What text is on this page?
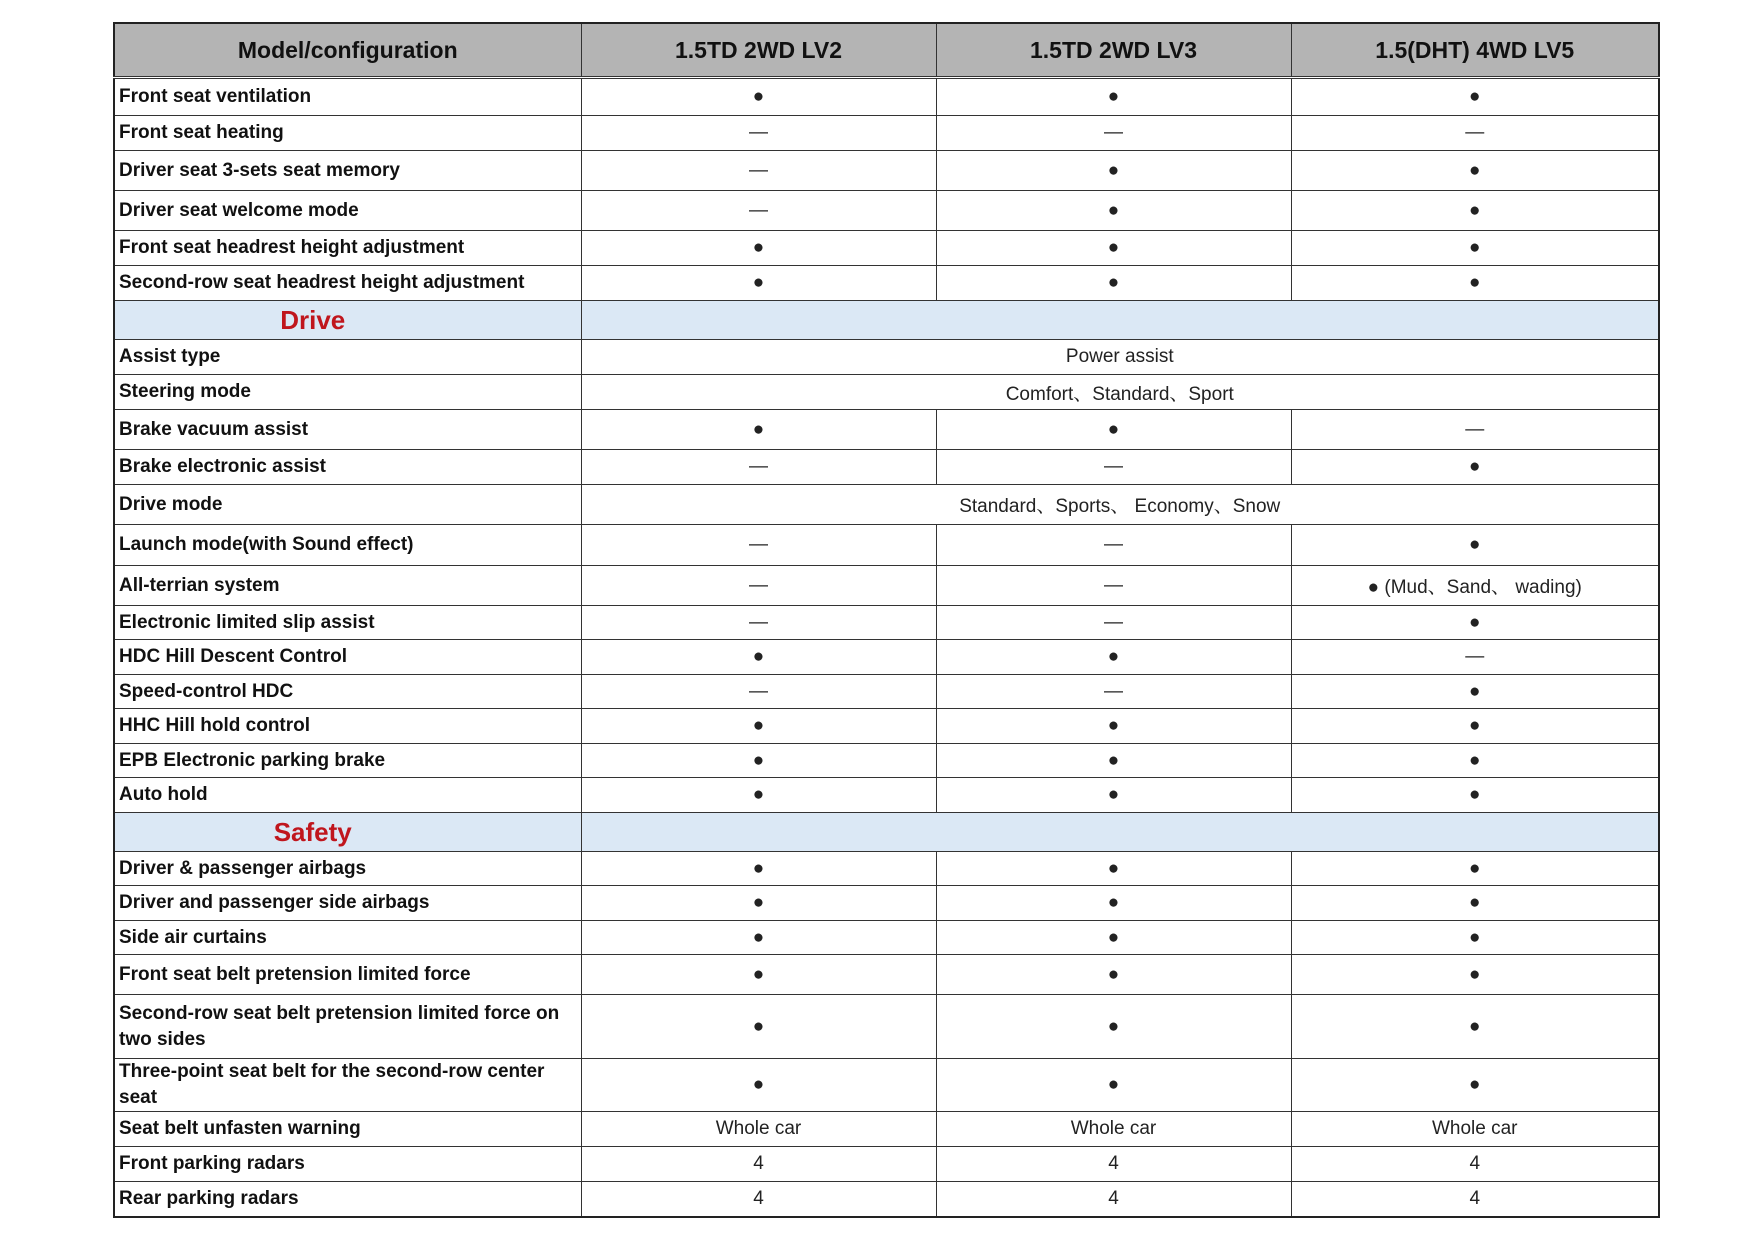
Model/configuration	1.5TD 2WD LV2	1.5TD 2WD LV3	1.5(DHT) 4WD LV5
Front seat ventilation	●	●	●
Front seat heating	—	—	—
Driver seat 3-sets seat memory	—	●	●
Driver seat welcome mode	—	●	●
Front seat headrest height adjustment	●	●	●
Second-row seat headrest height adjustment	●	●	●
Drive			
Assist type	Power assist		
Steering mode	Comfort、Standard、Sport		
Brake vacuum assist	●	●	—
Brake electronic assist	—	—	●
Drive mode	Standard、Sports、 Economy、Snow		
Launch mode(with Sound effect)	—	—	●
All-terrian system	—	—	● (Mud、Sand、 wading)
Electronic limited slip assist	—	—	●
HDC Hill Descent Control	●	●	—
Speed-control HDC	—	—	●
HHC Hill hold control	●	●	●
EPB Electronic parking brake	●	●	●
Auto hold	●	●	●
Safety			
Driver & passenger airbags	●	●	●
Driver and passenger side airbags	●	●	●
Side air curtains	●	●	●
Front seat belt pretension limited force	●	●	●
Second-row seat belt pretension limited force on two sides	●	●	●
Three-point seat belt for the second-row center seat	●	●	●
Seat belt unfasten warning	Whole car	Whole car	Whole car
Front parking radars	4	4	4
Rear parking radars	4	4	4
